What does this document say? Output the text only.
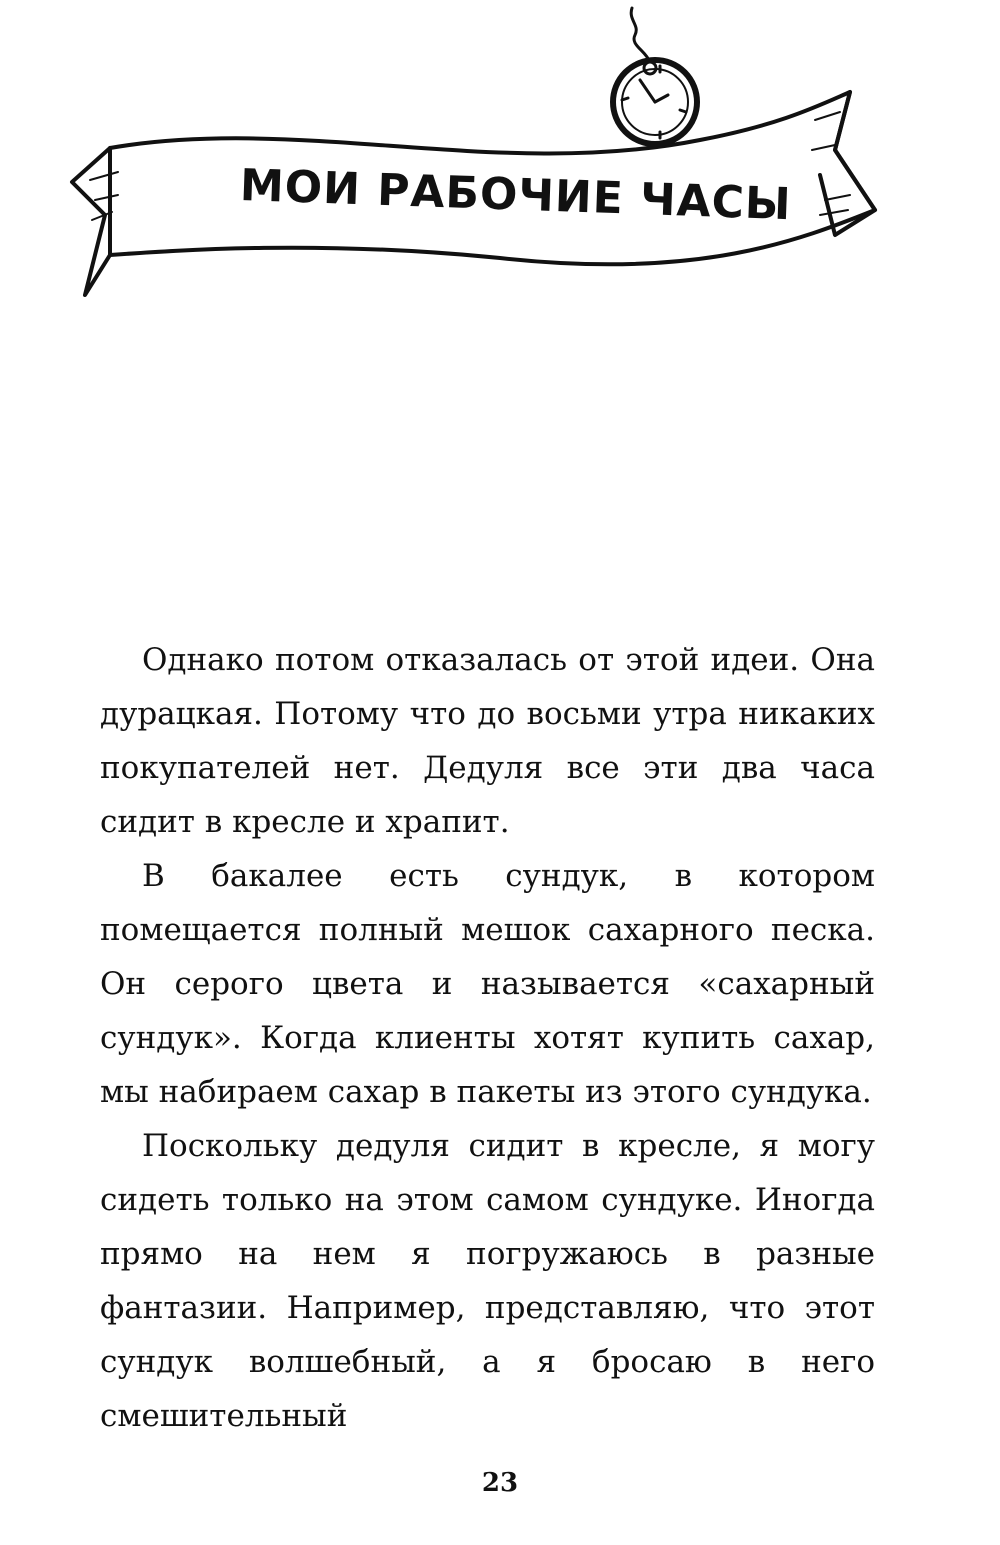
МОИ РАБОЧИЕ ЧАСЫ

Однако потом отказалась от этой идеи. Она дурацкая. Потому что до восьми утра никаких покупателей нет. Дедуля все эти два часа сидит в кресле и храпит.

В бакалее есть сундук, в котором помещается полный мешок сахарного песка. Он серого цвета и называется «сахарный сундук». Когда клиенты хотят купить сахар, мы набираем сахар в пакеты из этого сундука.

Поскольку дедуля сидит в кресле, я могу сидеть только на этом самом сундуке. Иногда прямо на нем я погружаюсь в разные фантазии. Например, представляю, что этот сундук волшебный, а я бросаю в него смешительный

23
